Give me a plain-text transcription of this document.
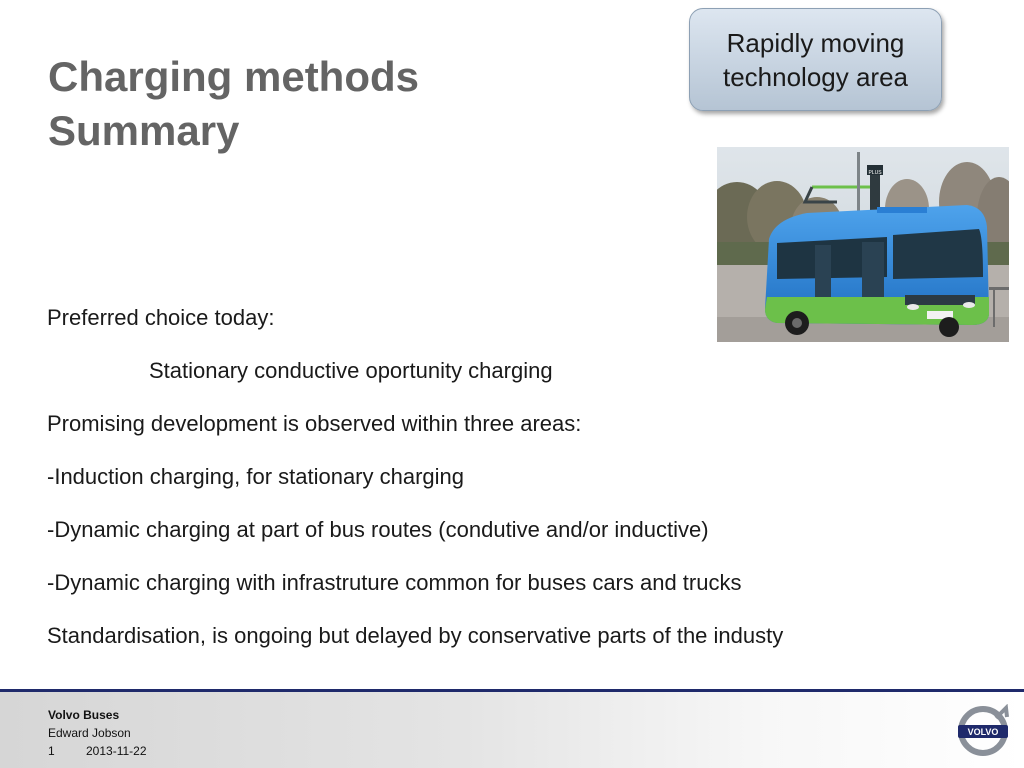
Charging methods
Summary
Rapidly moving
technology area
PLUS
Preferred choice today:
Stationary conductive oportunity charging
Promising development is observed within three areas:
-Induction charging, for stationary charging
-Dynamic charging at part of bus routes (condutive and/or inductive)
-Dynamic charging with infrastruture common for buses cars and trucks
Standardisation, is ongoing but delayed by conservative parts of the industy
Volvo Buses
Edward Jobson
1	2013-11-22
VOLVO
